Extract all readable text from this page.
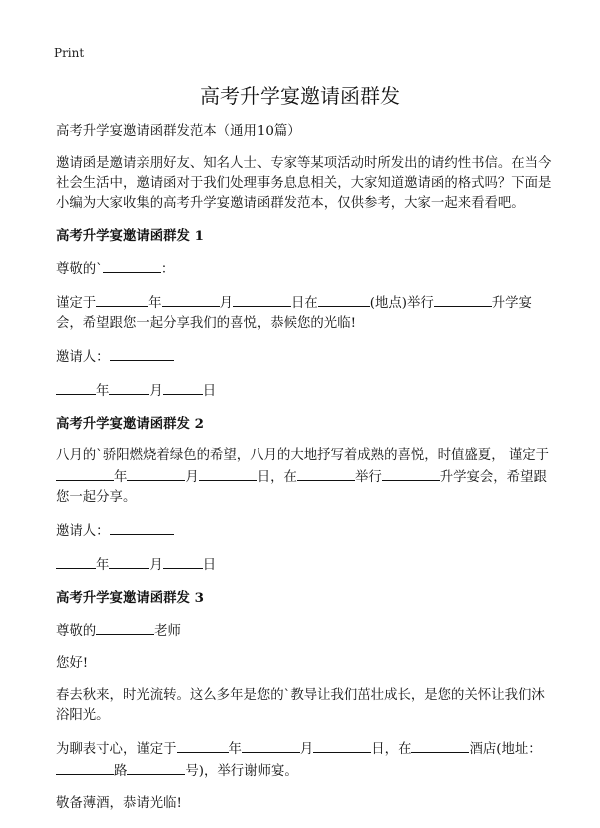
Print
高考升学宴邀请函群发

高考升学宴邀请函群发范本（通用10篇）

邀请函是邀请亲朋好友、知名人士、专家等某项活动时所发出的请约性书信。在当今社会生活中，邀请函对于我们处理事务息息相关，大家知道邀请函的格式吗？下面是小编为大家收集的高考升学宴邀请函群发范本，仅供参考，大家一起来看看吧。

高考升学宴邀请函群发 1

尊敬的`	：

谨定于	年	月	日在	(地点)举行	升学宴会，希望跟您一起分享我们的喜悦，恭候您的光临!

邀请人：

年	月	日

高考升学宴邀请函群发 2

八月的`骄阳燃烧着绿色的希望，八月的大地抒写着成熟的喜悦，时值盛夏， 谨定于年	月	日，在	举行	升学宴会，希望跟您一起分享。

邀请人：

年	月	日

高考升学宴邀请函群发 3

尊敬的	老师

您好!

春去秋来，时光流转。这么多年是您的`教导让我们茁壮成长，是您的关怀让我们沐浴阳光。

为聊表寸心，谨定于	年	月	日，在	酒店(地址：路	号)，举行谢师宴。

敬备薄酒，恭请光临!
